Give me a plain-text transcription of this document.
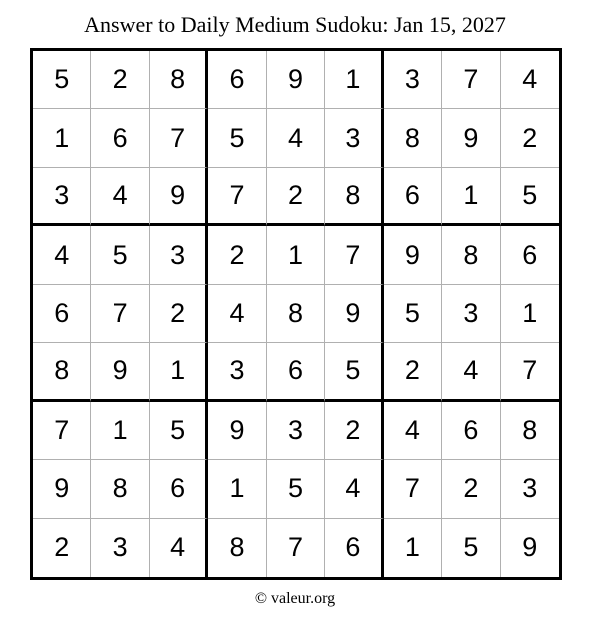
Answer to Daily Medium Sudoku: Jan 15, 2027
5	2	8	6	9	1	3	7	4
1	6	7	5	4	3	8	9	2
3	4	9	7	2	8	6	1	5
4	5	3	2	1	7	9	8	6
6	7	2	4	8	9	5	3	1
8	9	1	3	6	5	2	4	7
7	1	5	9	3	2	4	6	8
9	8	6	1	5	4	7	2	3
2	3	4	8	7	6	1	5	9
© valeur.org
